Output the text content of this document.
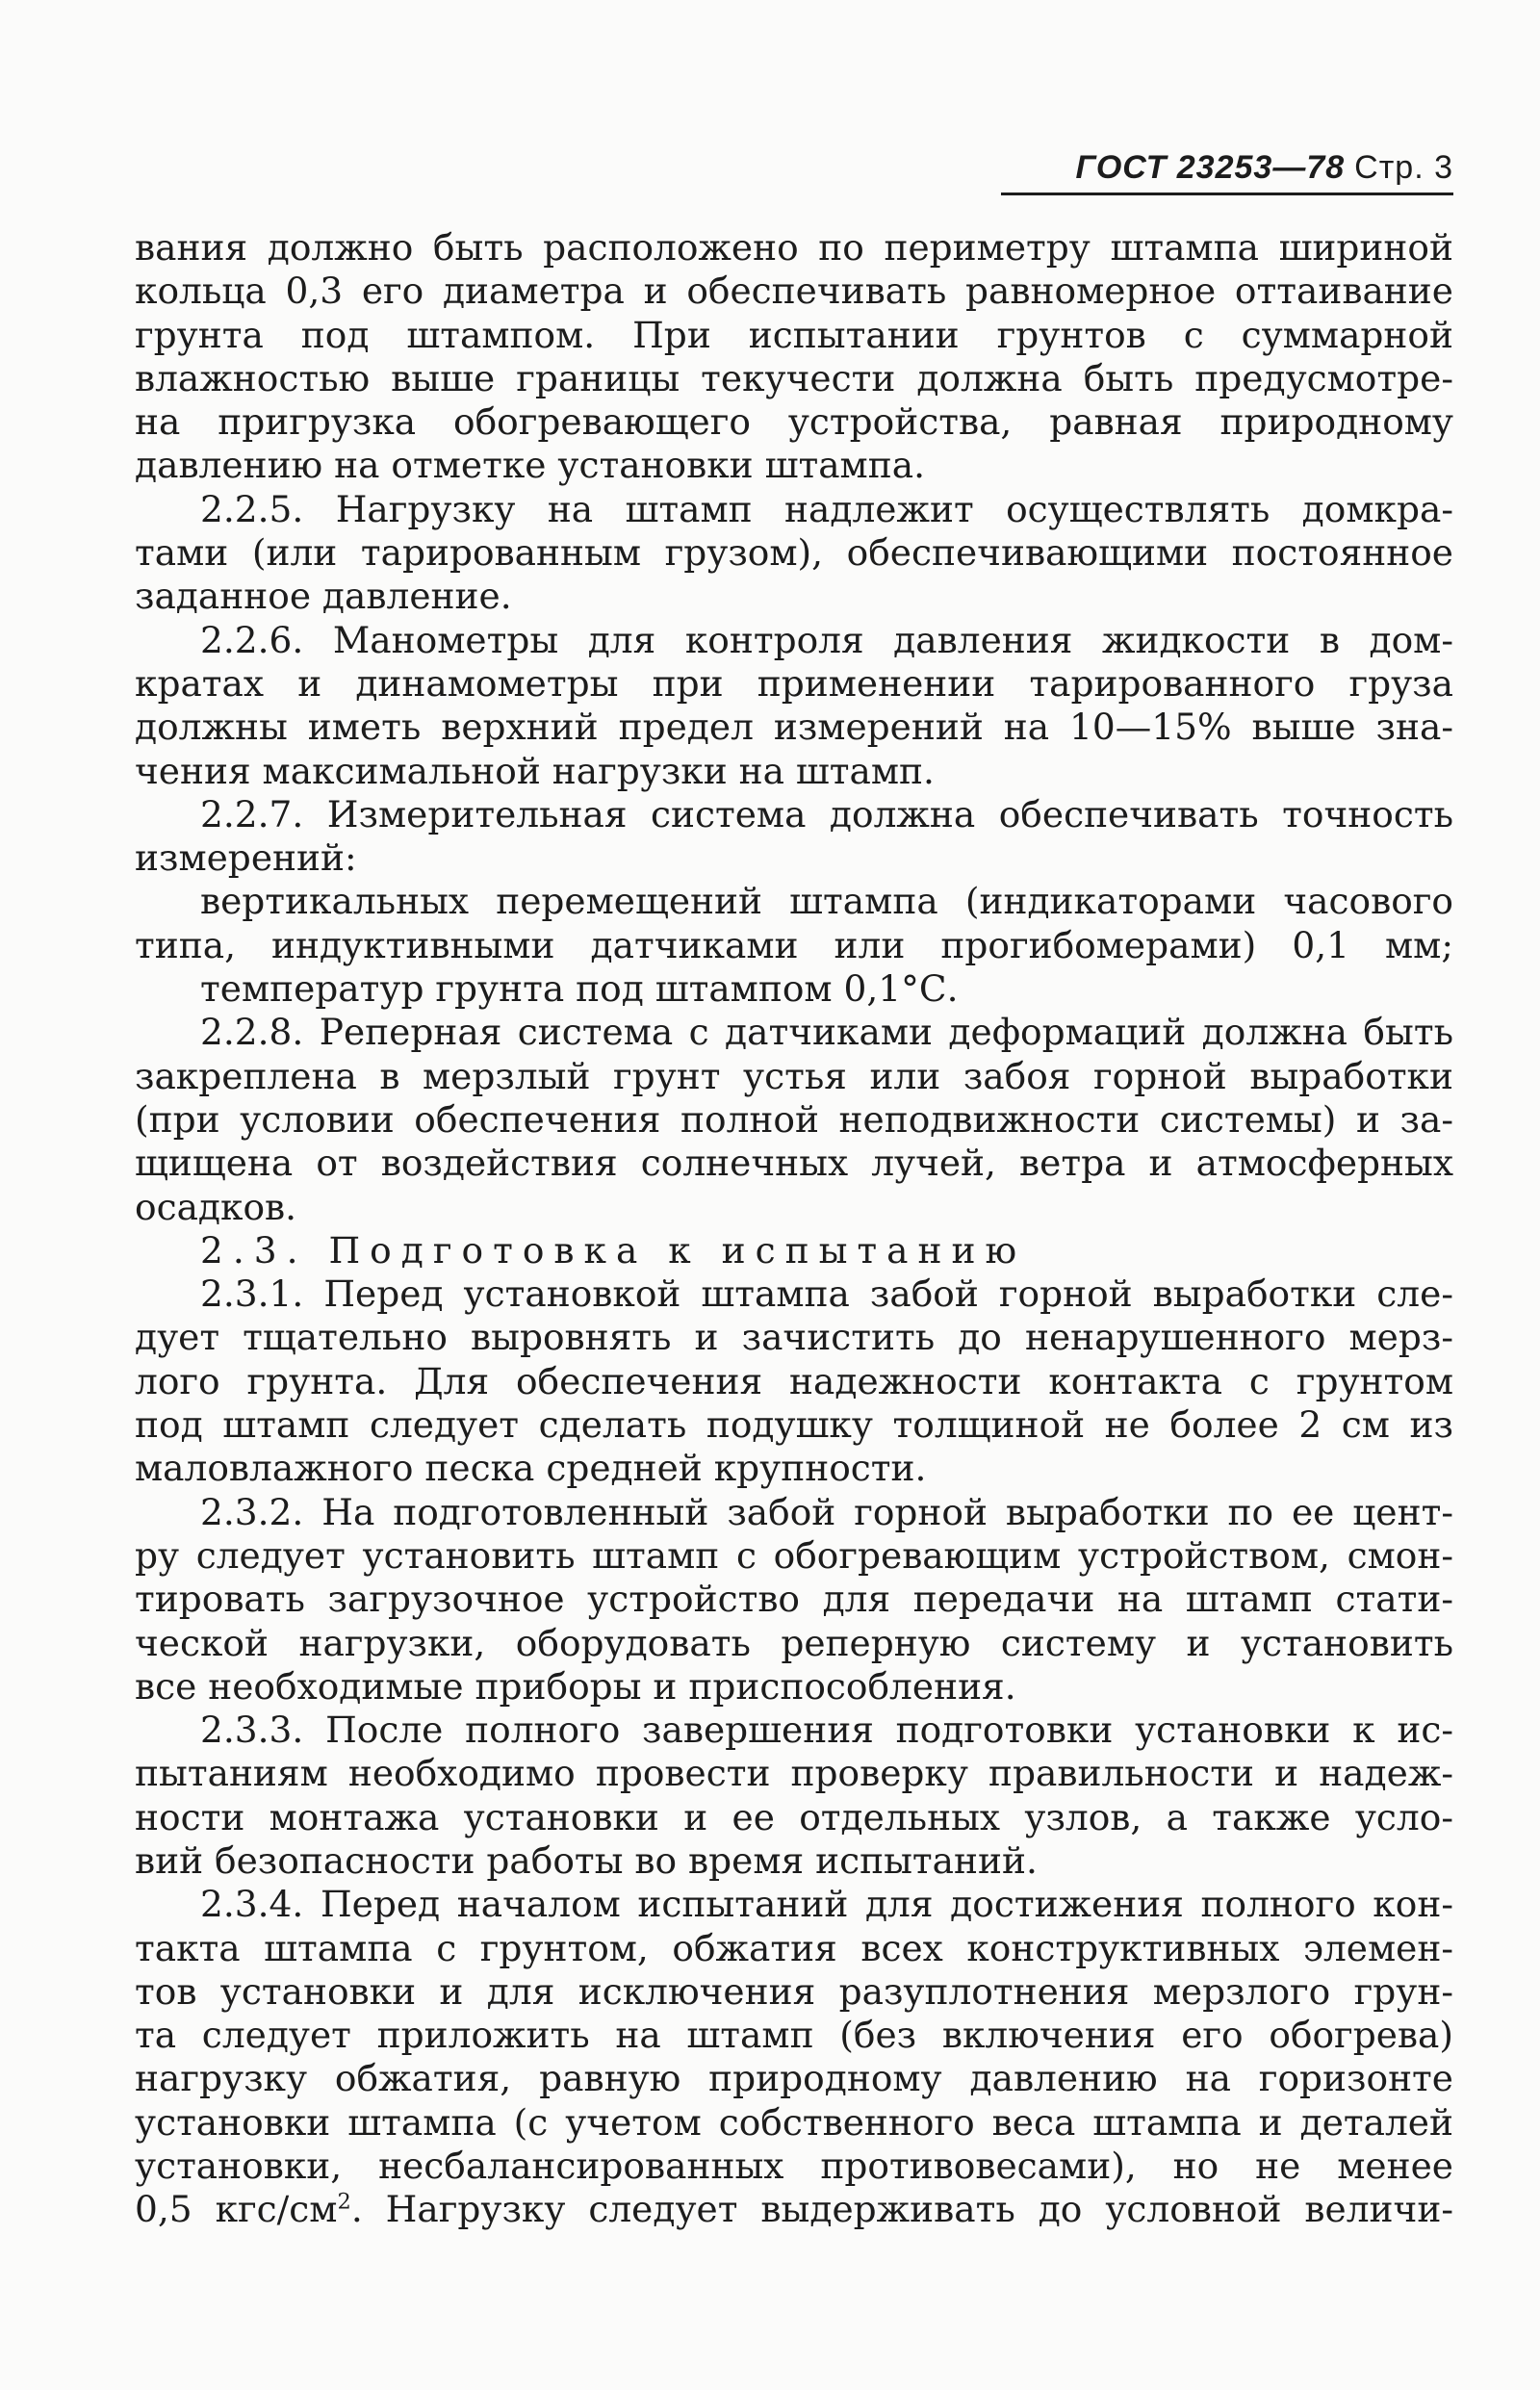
ГОСТ 23253—78 Стр. 3
вания должно быть расположено по периметру штампа шириной
кольца 0,3 его диаметра и обеспечивать равномерное оттаивание
грунта под штампом. При испытании грунтов с суммарной
влажностью выше границы текучести должна быть предусмотре-
на пригрузка обогревающего устройства, равная природному
давлению на отметке установки штампа.
2.2.5. Нагрузку на штамп надлежит осуществлять домкра-
тами (или тарированным грузом), обеспечивающими постоянное
заданное давление.
2.2.6. Манометры для контроля давления жидкости в дом-
кратах и динамометры при применении тарированного груза
должны иметь верхний предел измерений на 10—15% выше зна-
чения максимальной нагрузки на штамп.
2.2.7. Измерительная система должна обеспечивать точность
измерений:
вертикальных перемещений штампа (индикаторами часового
типа, индуктивными датчиками или прогибомерами) 0,1 мм;
температур грунта под штампом 0,1°С.
2.2.8. Реперная система с датчиками деформаций должна быть
закреплена в мерзлый грунт устья или забоя горной выработки
(при условии обеспечения полной неподвижности системы) и за-
щищена от воздействия солнечных лучей, ветра и атмосферных
осадков.
2.3. Подготовка к испытанию
2.3.1. Перед установкой штампа забой горной выработки сле-
дует тщательно выровнять и зачистить до ненарушенного мерз-
лого грунта. Для обеспечения надежности контакта с грунтом
под штамп следует сделать подушку толщиной не более 2 см из
маловлажного песка средней крупности.
2.3.2. На подготовленный забой горной выработки по ее цент-
ру следует установить штамп с обогревающим устройством, смон-
тировать загрузочное устройство для передачи на штамп стати-
ческой нагрузки, оборудовать реперную систему и установить
все необходимые приборы и приспособления.
2.3.3. После полного завершения подготовки установки к ис-
пытаниям необходимо провести проверку правильности и надеж-
ности монтажа установки и ее отдельных узлов, а также усло-
вий безопасности работы во время испытаний.
2.3.4. Перед началом испытаний для достижения полного кон-
такта штампа с грунтом, обжатия всех конструктивных элемен-
тов установки и для исключения разуплотнения мерзлого грун-
та следует приложить на штамп (без включения его обогрева)
нагрузку обжатия, равную природному давлению на горизонте
установки штампа (с учетом собственного веса штампа и деталей
установки, несбалансированных противовесами), но не менее
0,5 кгс/$см^2$. Нагрузку следует выдерживать до условной величи-
